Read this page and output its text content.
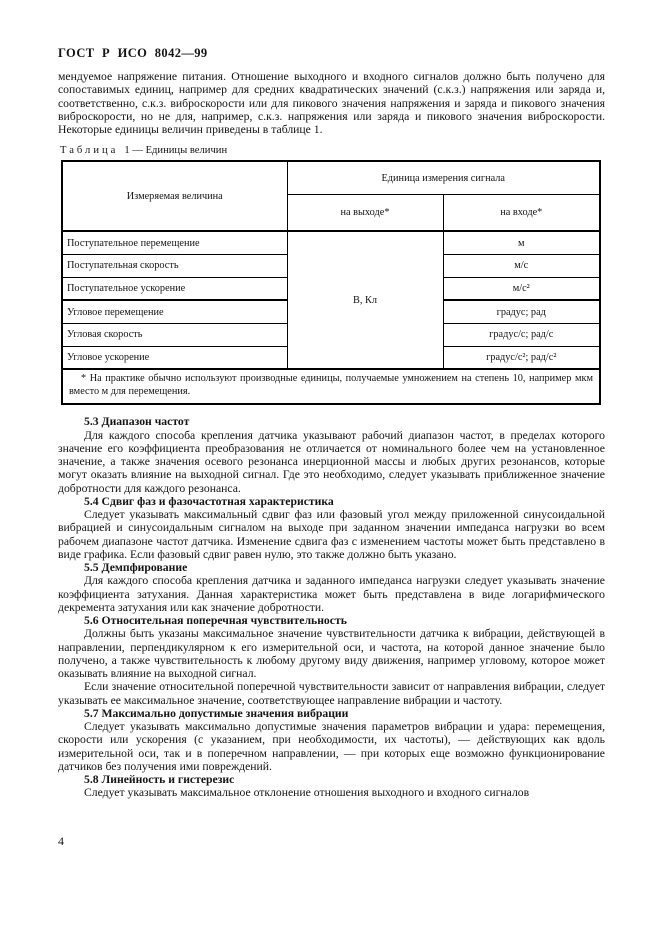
ГОСТ Р ИСО 8042—99

мендуемое напряжение питания. Отношение выходного и входного сигналов должно быть получено для сопоставимых единиц, например для средних квадратических значений (с.к.з.) напряжения или заряда и, соответственно, с.к.з. виброскорости или для пикового значения напряжения и заряда и пикового значения виброскорости, но не для, например, с.к.з. напряжения или заряда и пикового значения виброскорости. Некоторые единицы величин приведены в таблице 1.

Таблица 1 — Единицы величин
Измеряемая величина	Единица измерения сигнала	
	на выходе*	на входе*
Поступательное перемещение	В, Кл	м
Поступательная скорость		м/с
Поступательное ускорение		м/с²
Угловое перемещение		градус; рад
Угловая скорость		градус/с; рад/с
Угловое ускорение		градус/с²; рад/с²

* На практике обычно используют производные единицы, получаемые умножением на степень 10, например мкм вместо м для перемещения.		

5.3 Диапазон частот

Для каждого способа крепления датчика указывают рабочий диапазон частот, в пределах которого значение его коэффициента преобразования не отличается от номинального более чем на установленное значение, а также значения осевого резонанса инерционной массы и любых других резонансов, которые могут оказать влияние на выходной сигнал. Где это необходимо, следует указывать приближенное значение добротности для каждого резонанса.

5.4 Сдвиг фаз и фазочастотная характеристика

Следует указывать максимальный сдвиг фаз или фазовый угол между приложенной синусоидальной вибрацией и синусоидальным сигналом на выходе при заданном значении импеданса нагрузки во всем рабочем диапазоне частот датчика. Изменение сдвига фаз с изменением частоты может быть представлено в виде графика. Если фазовый сдвиг равен нулю, это также должно быть указано.

5.5 Демпфирование

Для каждого способа крепления датчика и заданного импеданса нагрузки следует указывать значение коэффициента затухания. Данная характеристика может быть представлена в виде логарифмического декремента затухания или как значение добротности.

5.6 Относительная поперечная чувствительность

Должны быть указаны максимальное значение чувствительности датчика к вибрации, действующей в направлении, перпендикулярном к его измерительной оси, и частота, на которой данное значение было получено, а также чувствительность к любому другому виду движения, например угловому, которое может оказывать влияние на выходной сигнал.

Если значение относительной поперечной чувствительности зависит от направления вибрации, следует указывать ее максимальное значение, соответствующее направление вибрации и частоту.

5.7 Максимально допустимые значения вибрации

Следует указывать максимально допустимые значения параметров вибрации и удара: перемещения, скорости или ускорения (с указанием, при необходимости, их частоты), — действующих как вдоль измерительной оси, так и в поперечном направлении, — при которых еще возможно функционирование датчиков без получения ими повреждений.

5.8 Линейность и гистерезис

Следует указывать максимальное отклонение отношения выходного и входного сигналов

4
